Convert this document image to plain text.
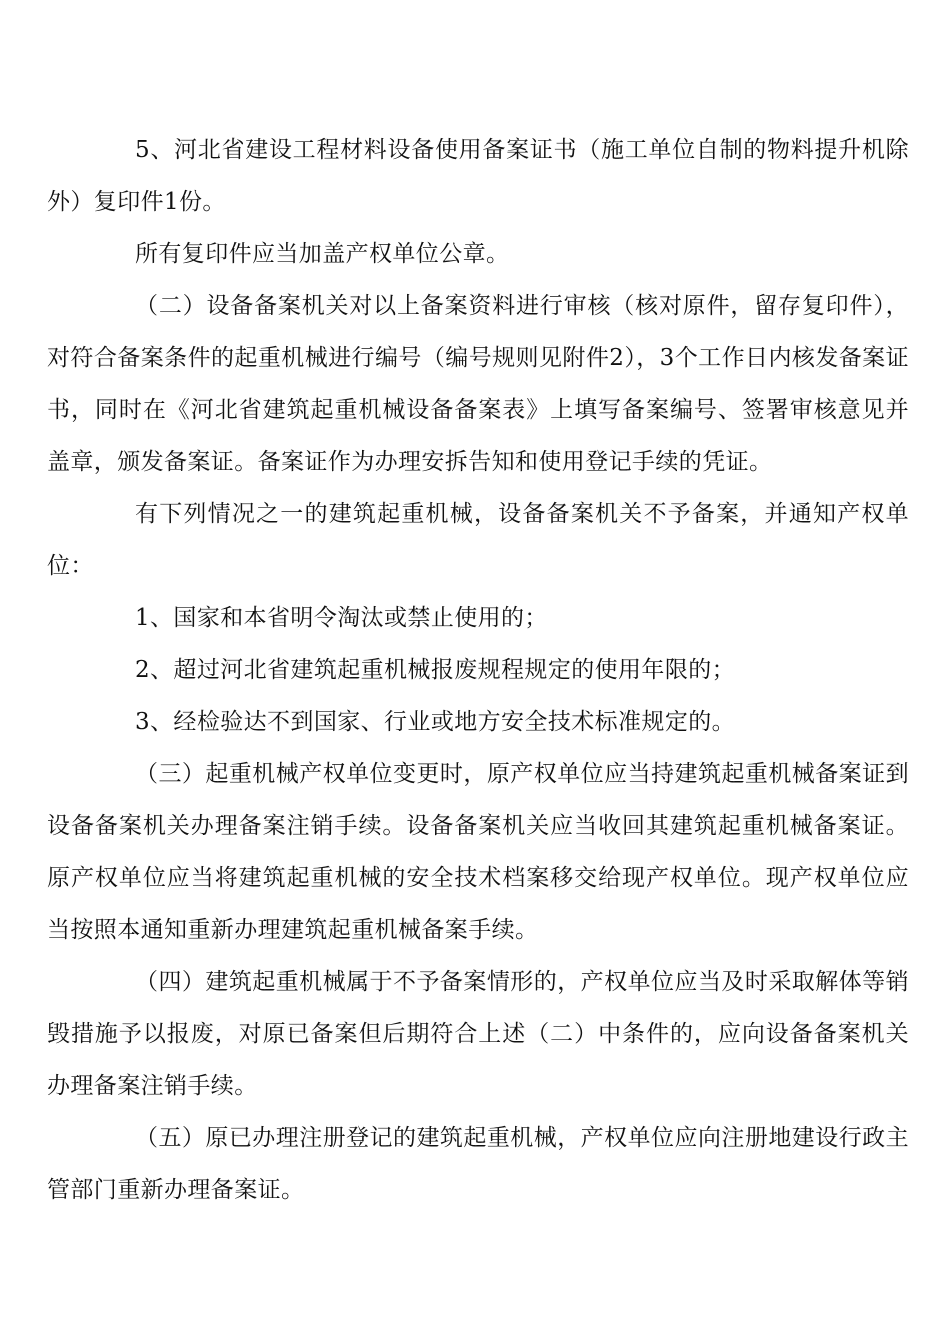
5、河北省建设工程材料设备使用备案证书（施工单位自制的物料提升机除外）复印件1份。

所有复印件应当加盖产权单位公章。

（二）设备备案机关对以上备案资料进行审核（核对原件，留存复印件），对符合备案条件的起重机械进行编号（编号规则见附件2），3个工作日内核发备案证书，同时在《河北省建筑起重机械设备备案表》上填写备案编号、签署审核意见并盖章，颁发备案证。备案证作为办理安拆告知和使用登记手续的凭证。

有下列情况之一的建筑起重机械，设备备案机关不予备案，并通知产权单位：

1、国家和本省明令淘汰或禁止使用的；

2、超过河北省建筑起重机械报废规程规定的使用年限的；

3、经检验达不到国家、行业或地方安全技术标准规定的。

（三）起重机械产权单位变更时，原产权单位应当持建筑起重机械备案证到设备备案机关办理备案注销手续。设备备案机关应当收回其建筑起重机械备案证。原产权单位应当将建筑起重机械的安全技术档案移交给现产权单位。现产权单位应当按照本通知重新办理建筑起重机械备案手续。

（四）建筑起重机械属于不予备案情形的，产权单位应当及时采取解体等销毁措施予以报废，对原已备案但后期符合上述（二）中条件的，应向设备备案机关办理备案注销手续。

（五）原已办理注册登记的建筑起重机械，产权单位应向注册地建设行政主管部门重新办理备案证。
